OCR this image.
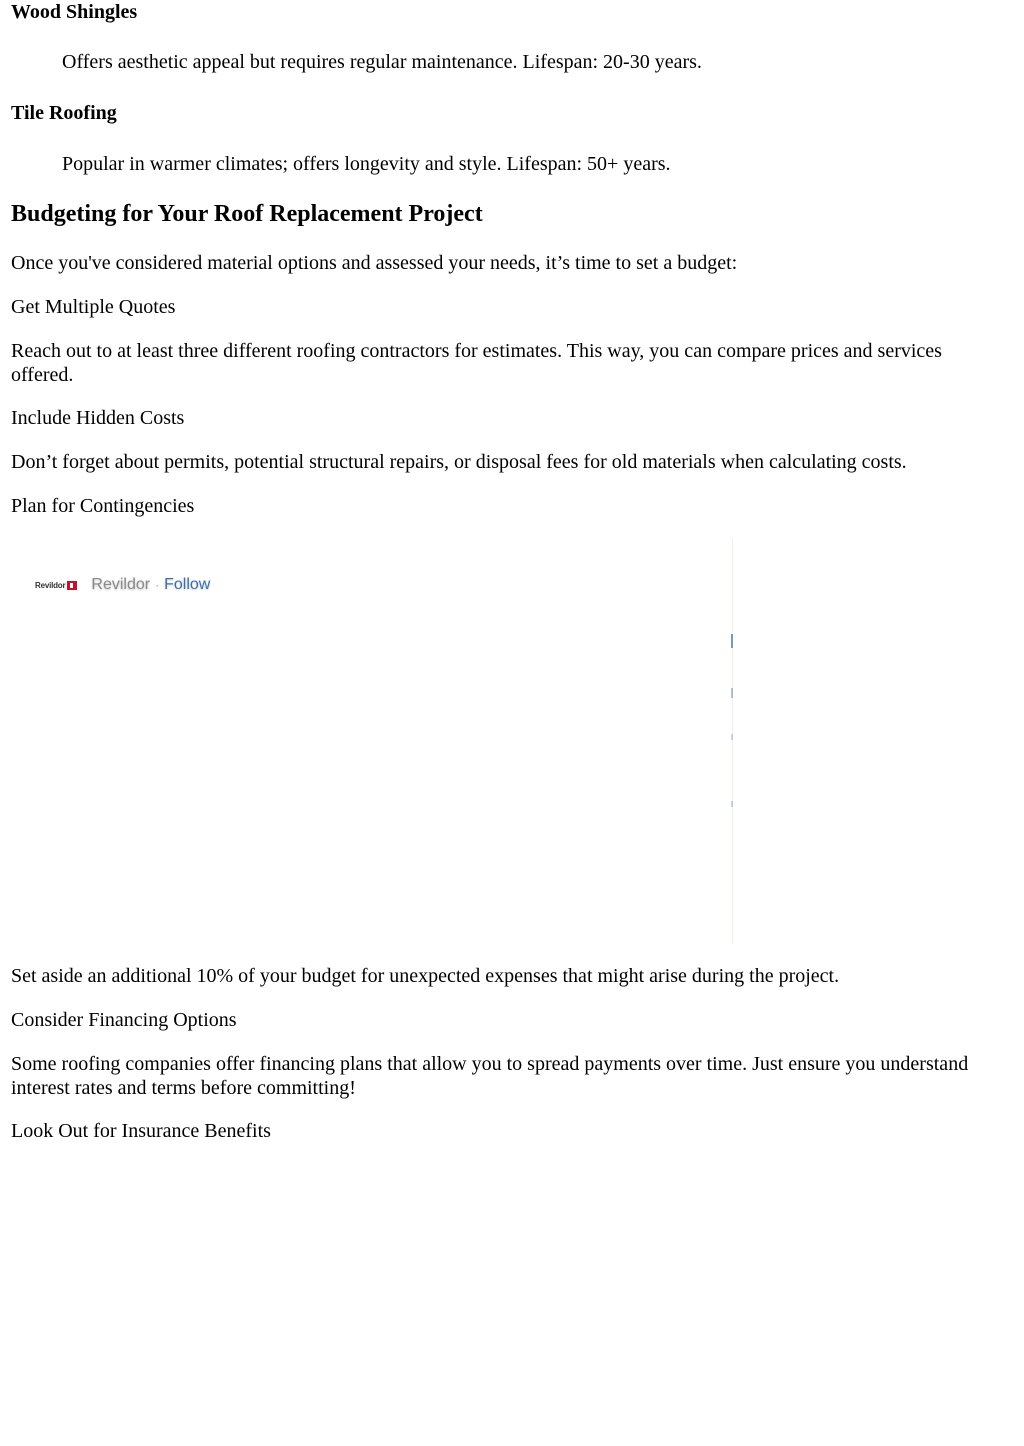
Wood Shingles

Offers aesthetic appeal but requires regular maintenance. Lifespan: 20-30 years.

Tile Roofing

Popular in warmer climates; offers longevity and style. Lifespan: 50+ years.

Budgeting for Your Roof Replacement Project

Once you've considered material options and assessed your needs, it’s time to set a budget:

Get Multiple Quotes

Reach out to at least three different roofing contractors for estimates. This way, you can compare prices and services offered.

Include Hidden Costs

Don’t forget about permits, potential structural repairs, or disposal fees for old materials when calculating costs.

Plan for Contingencies

Revildor Revildor · Follow

Set aside an additional 10% of your budget for unexpected expenses that might arise during the project.

Consider Financing Options

Some roofing companies offer financing plans that allow you to spread payments over time. Just ensure you understand interest rates and terms before committing!

Look Out for Insurance Benefits
